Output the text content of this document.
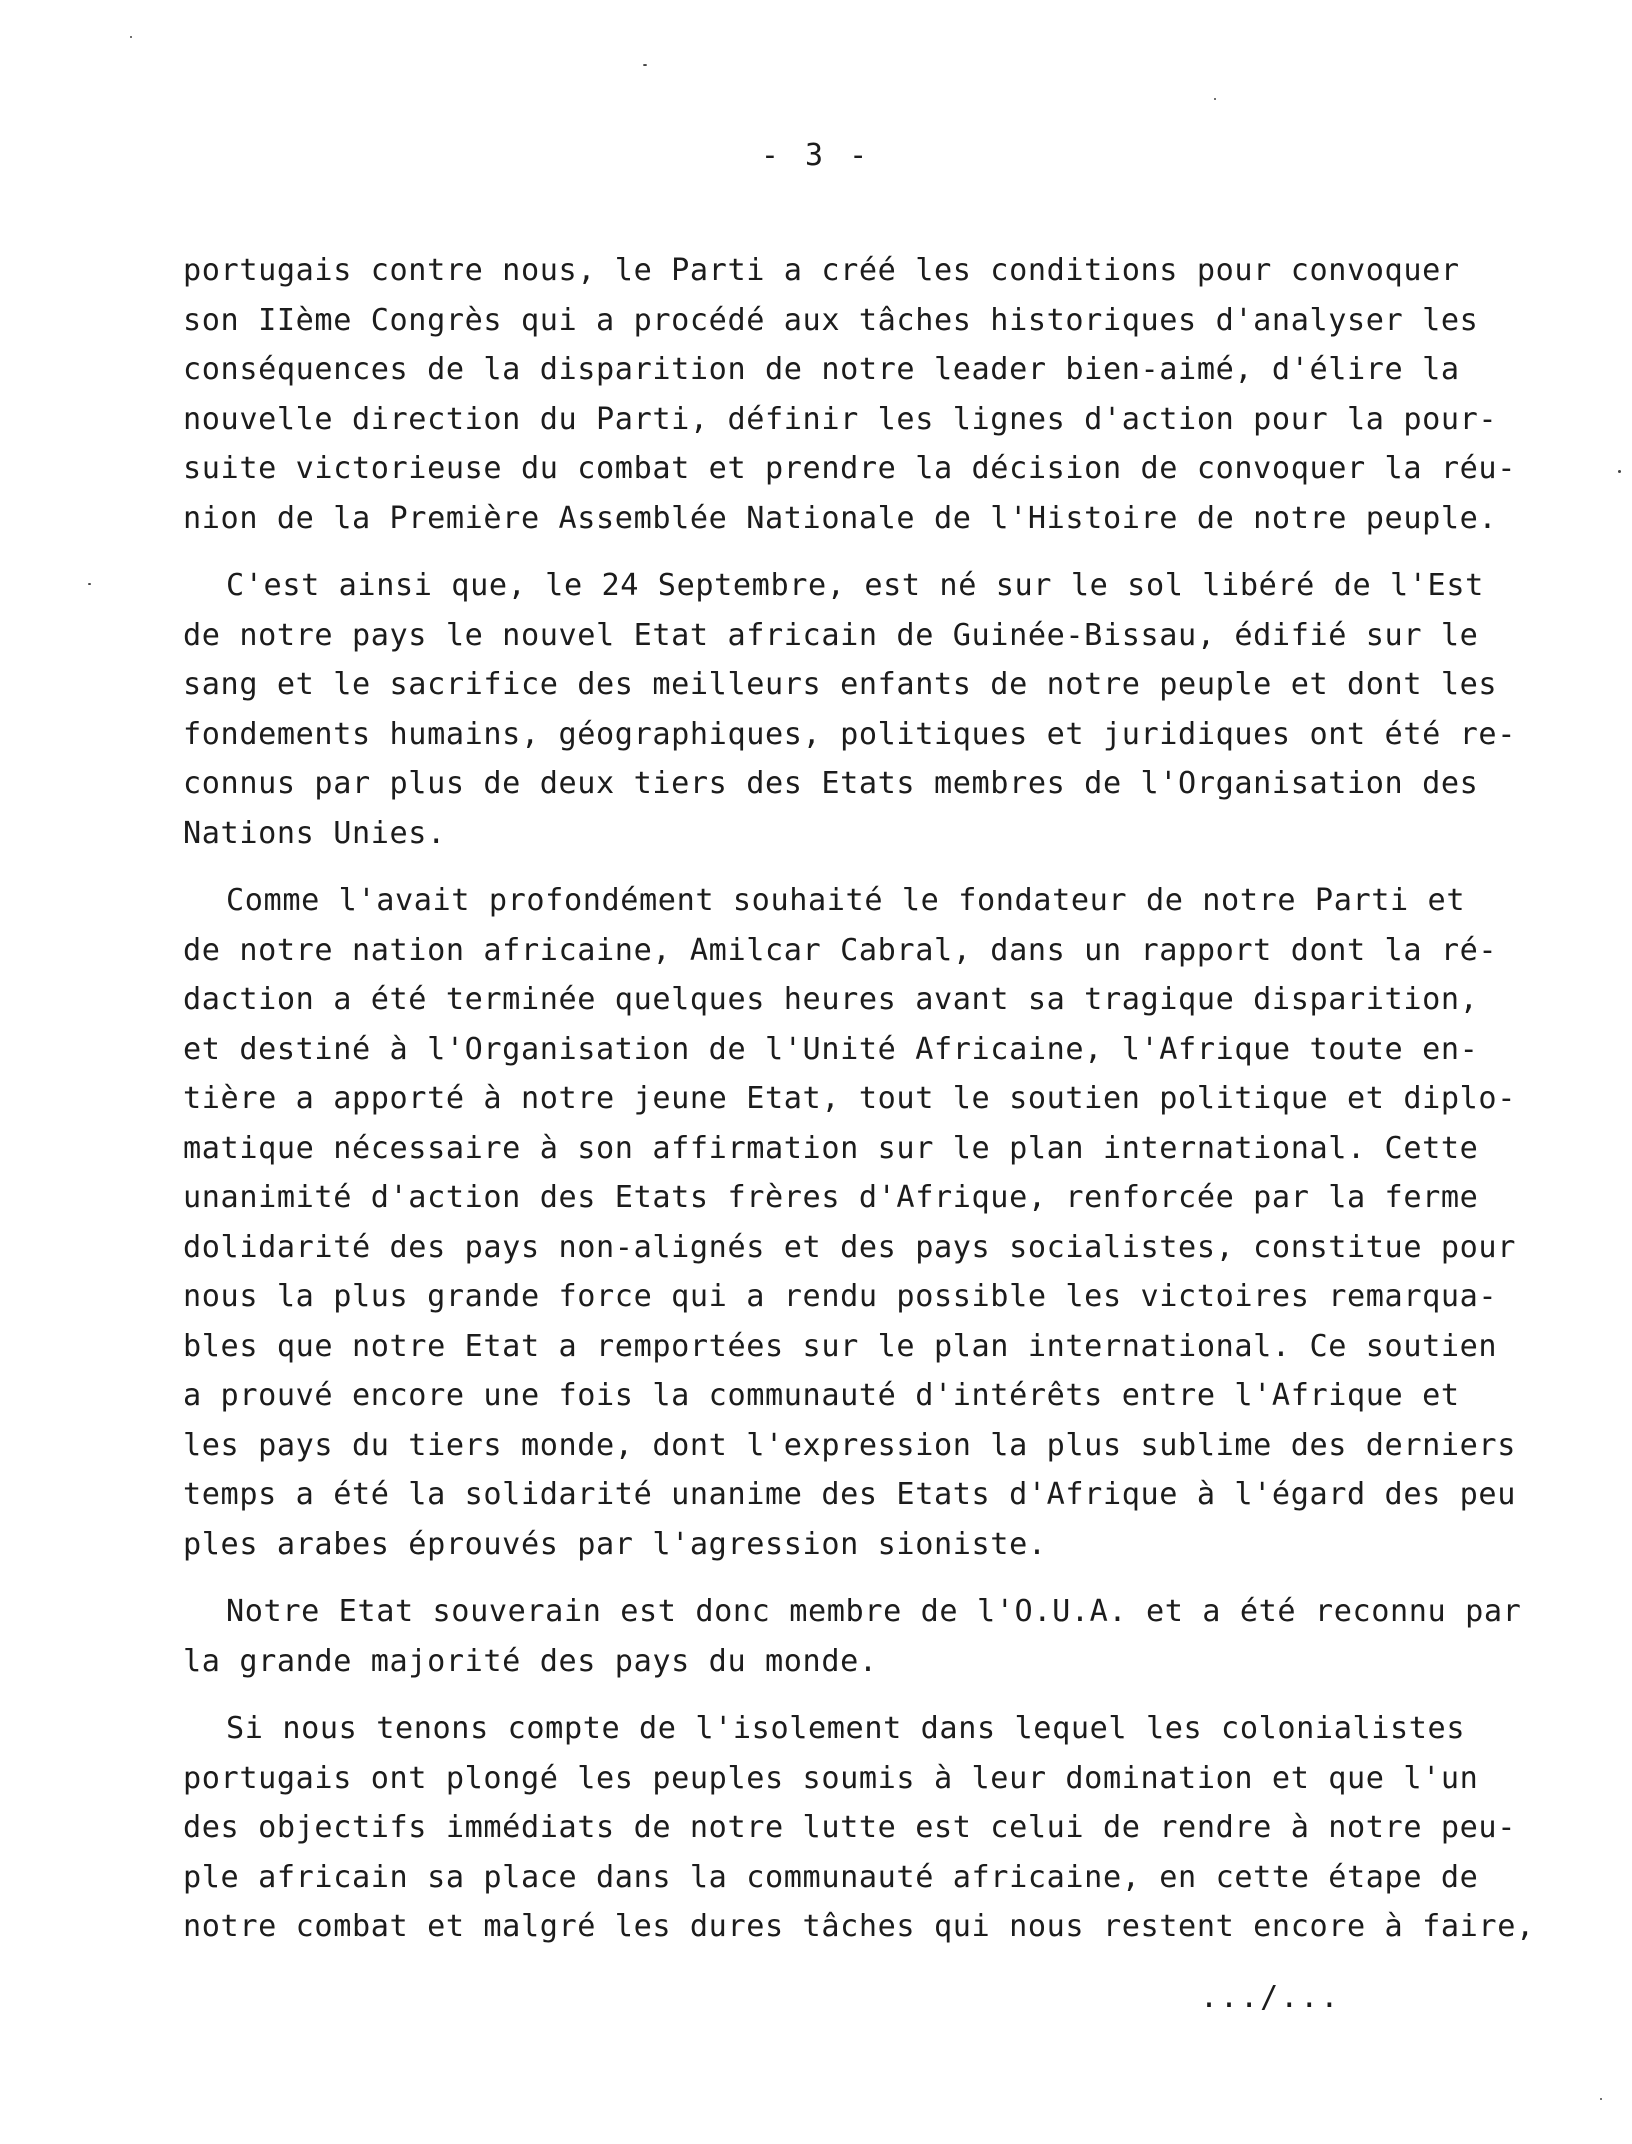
- 3 -
portugais contre nous, le Parti a créé les conditions pour convoquer
son IIème Congrès qui a procédé aux tâches historiques d'analyser les
conséquences de la disparition de notre leader bien-aimé, d'élire la
nouvelle direction du Parti, définir les lignes d'action pour la pour-
suite victorieuse du combat et prendre la décision de convoquer la réu-
nion de la Première Assemblée Nationale de l'Histoire de notre peuple.
C'est ainsi que, le 24 Septembre, est né sur le sol libéré de l'Est
de notre pays le nouvel Etat africain de Guinée-Bissau, édifié sur le
sang et le sacrifice des meilleurs enfants de notre peuple et dont les
fondements humains, géographiques, politiques et juridiques ont été re-
connus par plus de deux tiers des Etats membres de l'Organisation des
Nations Unies.
Comme l'avait profondément souhaité le fondateur de notre Parti et
de notre nation africaine, Amilcar Cabral, dans un rapport dont la ré-
daction a été terminée quelques heures avant sa tragique disparition,
et destiné à l'Organisation de l'Unité Africaine, l'Afrique toute en-
tière a apporté à notre jeune Etat, tout le soutien politique et diplo-
matique nécessaire à son affirmation sur le plan international. Cette
unanimité d'action des Etats frères d'Afrique, renforcée par la ferme
dolidarité des pays non-alignés et des pays socialistes, constitue pour
nous la plus grande force qui a rendu possible les victoires remarqua-
bles que notre Etat a remportées sur le plan international. Ce soutien
a prouvé encore une fois la communauté d'intérêts entre l'Afrique et
les pays du tiers monde, dont l'expression la plus sublime des derniers
temps a été la solidarité unanime des Etats d'Afrique à l'égard des peu
ples arabes éprouvés par l'agression sioniste.
Notre Etat souverain est donc membre de l'O.U.A. et a été reconnu par
la grande majorité des pays du monde.
Si nous tenons compte de l'isolement dans lequel les colonialistes
portugais ont plongé les peuples soumis à leur domination et que l'un
des objectifs immédiats de notre lutte est celui de rendre à notre peu-
ple africain sa place dans la communauté africaine, en cette étape de
notre combat et malgré les dures tâches qui nous restent encore à faire,
.../...
